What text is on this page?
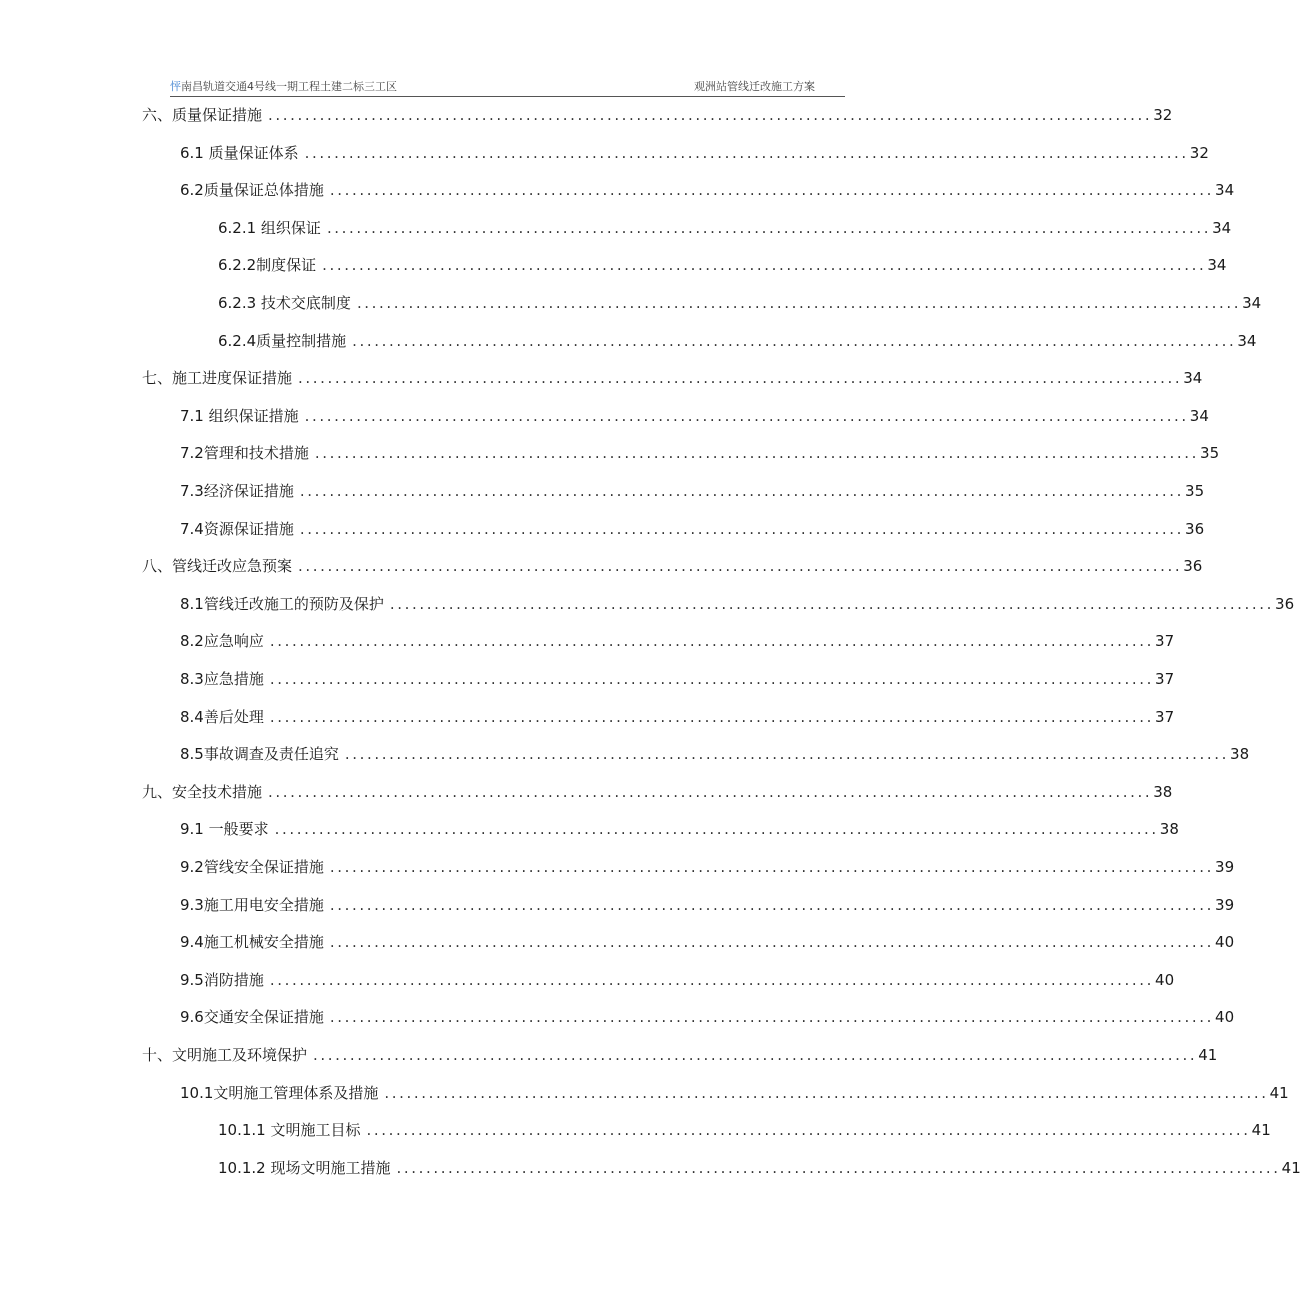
怦南昌轨道交通4号线一期工程土建二标三工区	观洲站管线迁改施工方案
六、质量保证措施 ........................................................................................................................ 32
6.1 质量保证体系 ........................................................................................................................ 32
6.2质量保证总体措施 ........................................................................................................................ 34
6.2.1 组织保证 ........................................................................................................................ 34
6.2.2制度保证 ........................................................................................................................ 34
6.2.3 技术交底制度 ........................................................................................................................ 34
6.2.4质量控制措施 ........................................................................................................................ 34
七、施工进度保证措施 ........................................................................................................................ 34
7.1 组织保证措施 ........................................................................................................................ 34
7.2管理和技术措施 ........................................................................................................................ 35
7.3经济保证措施 ........................................................................................................................ 35
7.4资源保证措施 ........................................................................................................................ 36
八、管线迁改应急预案 ........................................................................................................................ 36
8.1管线迁改施工的预防及保护 ........................................................................................................................ 36
8.2应急响应 ........................................................................................................................ 37
8.3应急措施 ........................................................................................................................ 37
8.4善后处理 ........................................................................................................................ 37
8.5事故调查及责任追究 ........................................................................................................................ 38
九、安全技术措施 ........................................................................................................................ 38
9.1 一般要求 ........................................................................................................................ 38
9.2管线安全保证措施 ........................................................................................................................ 39
9.3施工用电安全措施 ........................................................................................................................ 39
9.4施工机械安全措施 ........................................................................................................................ 40
9.5消防措施 ........................................................................................................................ 40
9.6交通安全保证措施 ........................................................................................................................ 40
十、文明施工及环境保护 ........................................................................................................................ 41
10.1文明施工管理体系及措施 ........................................................................................................................ 41
10.1.1 文明施工目标 ........................................................................................................................ 41
10.1.2 现场文明施工措施 ........................................................................................................................ 41
